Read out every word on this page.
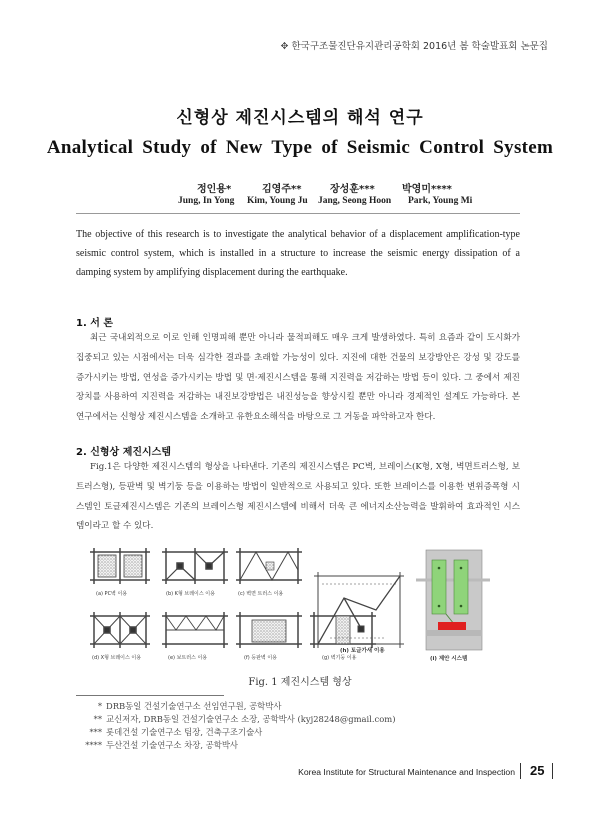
✥ 한국구조물진단유지관리공학회 2016년 봄 학술발표회 논문집
신형상 제진시스템의 해석 연구
Analytical Study of New Type of Seismic Control System
정인용*	김영주**	장성훈***	박영미****
Jung, In Yong Kim, Young Ju Jang, Seong Hoon Park, Young Mi
The objective of this research is to investigate the analytical behavior of a displacement amplification-type seismic control system, which is installed in a structure to increase the seismic energy dissipation of a damping system by amplifying displacement during the earthquake.
1. 서 론
최근 국내외적으로 이로 인해 인명피해 뿐만 아니라 물적피해도 매우 크게 발생하였다. 특히 요즘과 같이 도시화가 집중되고 있는 시점에서는 더욱 심각한 결과를 초래할 가능성이 있다. 지진에 대한 건물의 보강방안은 강성 및 강도를 증가시키는 방법, 연성을 증가시키는 방법 및 면·제진시스템을 통해 지진력을 저감하는 방법 등이 있다. 그 중에서 제진장치를 사용하여 지진력을 저감하는 내진보강방법은 내진성능을 향상시킬 뿐만 아니라 경제적인 설계도 가능하다. 본 연구에서는 신형상 제진시스템을 소개하고 유한요소해석을 바탕으로 그 거동을 파악하고자 한다.
2. 신형상 제진시스템
Fig.1은 다양한 제진시스템의 형상을 나타낸다. 기존의 제진시스템은 PC벽, 브레이스(K형, X형, 벽면트러스형, 보트러스형), 등판벽 및 벽기둥 등을 이용하는 방법이 일반적으로 사용되고 있다. 또한 브레이스를 이용한 변위증폭형 시스템인 토글제진시스템은 기존의 브레이스형 제진시스템에 비해서 더욱 큰 에너지소산능력을 발휘하여 효과적인 시스템이라고 할 수 있다.
(a) PC벽 이용	(b) K형 브레이스 이용	(c) 벽면 트러스 이용
(d) X형 브레이스 이용	(e) 보트러스 이용	(f) 등판벽 이용	(g) 벽기둥 이용
(h) 토글가새 이용
(i) 제안 시스템
Fig. 1 제진시스템 형상
* DRB동일 건설기술연구소 선임연구원, 공학박사
** 교신저자, DRB동일 건설기술연구소 소장, 공학박사 (kyj28248@gmail.com)
*** 롯데건설 기술연구소 팀장, 건축구조기술사
**** 두산건설 기술연구소 차장, 공학박사
Korea Institute for Structural Maintenance and Inspection 25
